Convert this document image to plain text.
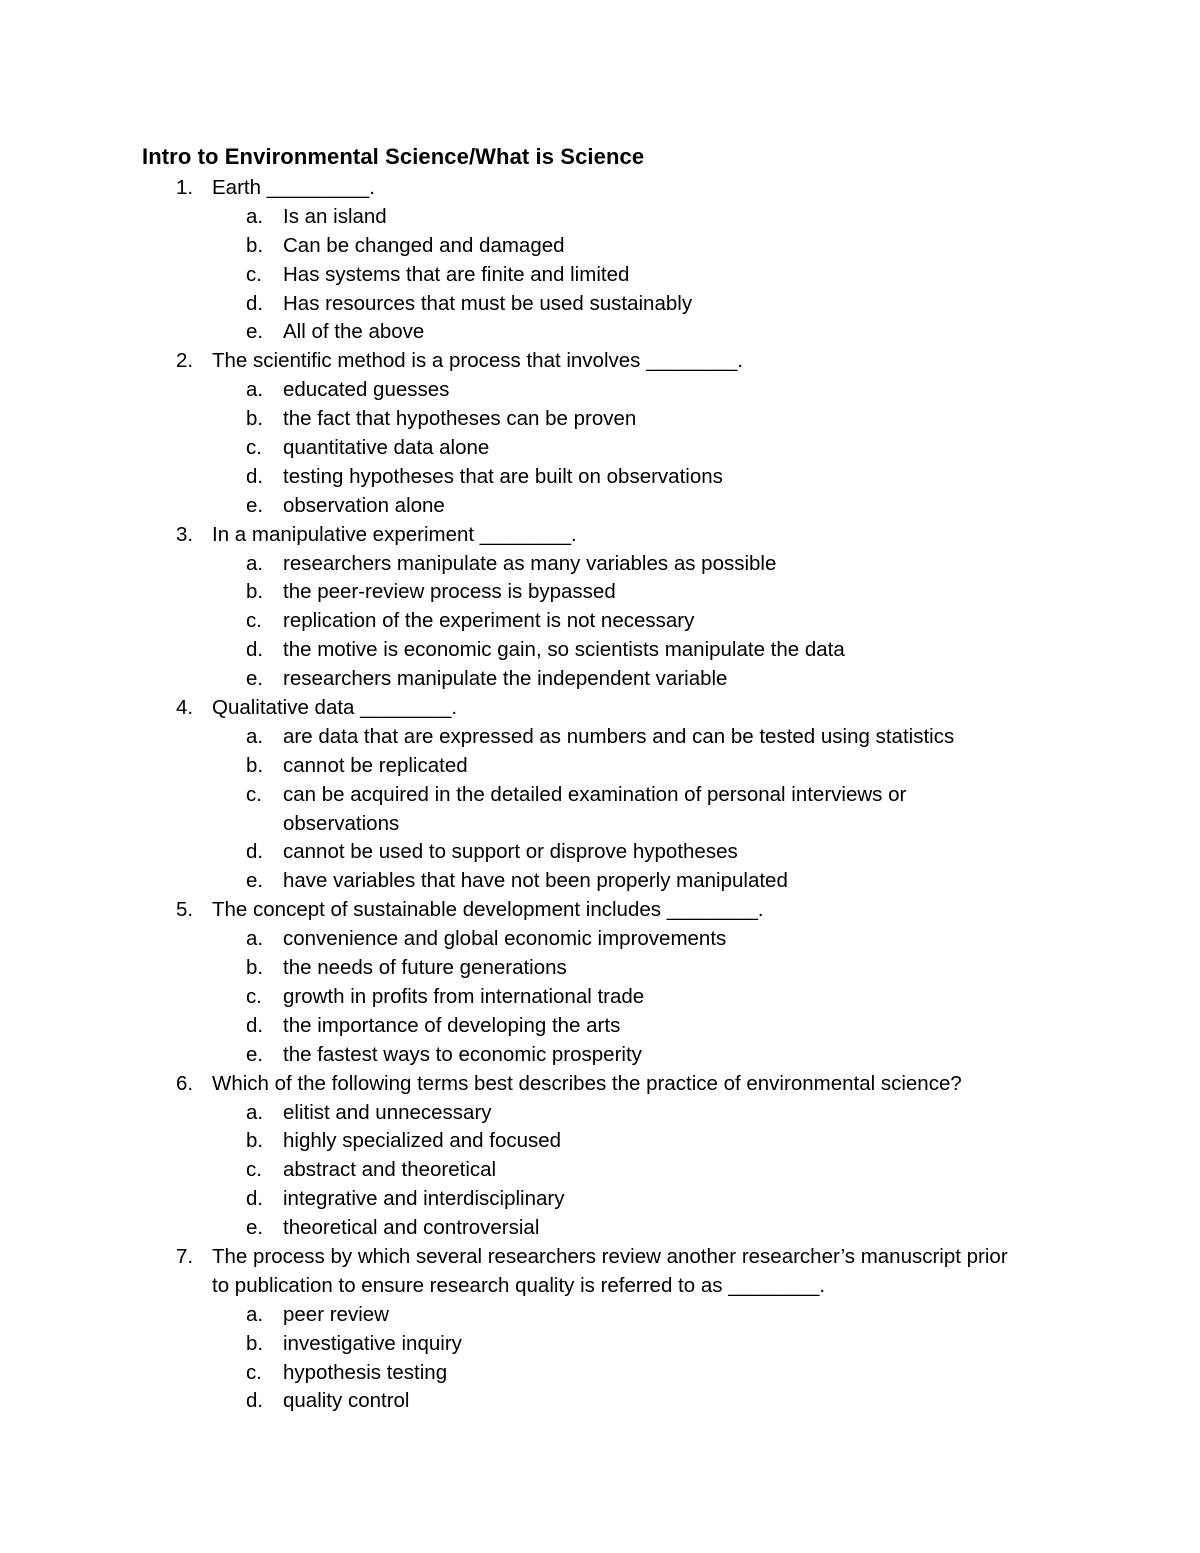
Intro to Environmental Science/What is Science
1. Earth _________.
a. Is an island
b. Can be changed and damaged
c. Has systems that are finite and limited
d. Has resources that must be used sustainably
e. All of the above
2. The scientific method is a process that involves ________.
a. educated guesses
b. the fact that hypotheses can be proven
c. quantitative data alone
d. testing hypotheses that are built on observations
e. observation alone
3. In a manipulative experiment ________.
a. researchers manipulate as many variables as possible
b. the peer-review process is bypassed
c. replication of the experiment is not necessary
d. the motive is economic gain, so scientists manipulate the data
e. researchers manipulate the independent variable
4. Qualitative data ________.
a. are data that are expressed as numbers and can be tested using statistics
b. cannot be replicated
c. can be acquired in the detailed examination of personal interviews or
observations
d. cannot be used to support or disprove hypotheses
e. have variables that have not been properly manipulated
5. The concept of sustainable development includes ________.
a. convenience and global economic improvements
b. the needs of future generations
c. growth in profits from international trade
d. the importance of developing the arts
e. the fastest ways to economic prosperity
6. Which of the following terms best describes the practice of environmental science?
a. elitist and unnecessary
b. highly specialized and focused
c. abstract and theoretical
d. integrative and interdisciplinary
e. theoretical and controversial
7. The process by which several researchers review another researcher’s manuscript prior
to publication to ensure research quality is referred to as ________.
a. peer review
b. investigative inquiry
c. hypothesis testing
d. quality control
